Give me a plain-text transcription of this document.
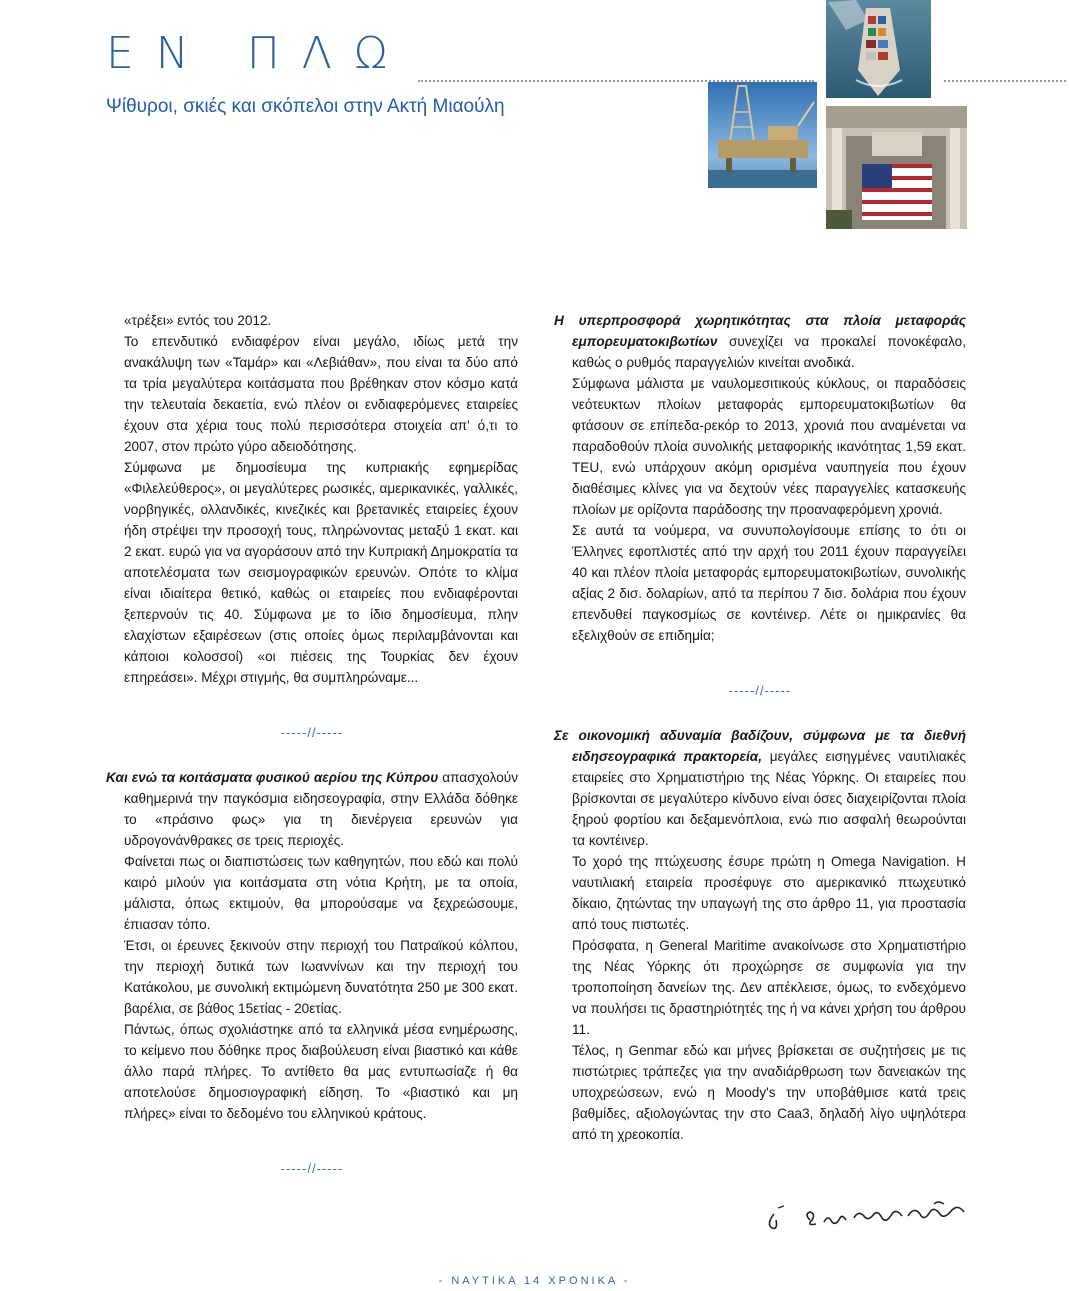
ΕΝ ΠΛΩ
Ψίθυροι, σκιές και σκόπελοι στην Ακτή Μιαούλη

«τρέξει» εντός του 2012.

Το επενδυτικό ενδιαφέρον είναι μεγάλο, ιδίως μετά την ανακάλυψη των «Ταμάρ» και «Λεβιάθαν», που είναι τα δύο από τα τρία μεγαλύτερα κοιτάσματα που βρέθηκαν στον κόσμο κατά την τελευταία δεκαετία, ενώ πλέον οι ενδιαφερόμενες εταιρείες έχουν στα χέρια τους πολύ περισσότερα στοιχεία απ' ό,τι το 2007, στον πρώτο γύρο αδειοδότησης.

Σύμφωνα με δημοσίευμα της κυπριακής εφημερίδας «Φιλελεύθερος», οι μεγαλύτερες ρωσικές, αμερικανικές, γαλλικές, νορβηγικές, ολλανδικές, κινεζικές και βρετανικές εταιρείες έχουν ήδη στρέψει την προσοχή τους, πληρώνοντας μεταξύ 1 εκατ. και 2 εκατ. ευρώ για να αγοράσουν από την Κυπριακή Δημοκρατία τα αποτελέσματα των σεισμογραφικών ερευνών. Οπότε το κλίμα είναι ιδιαίτερα θετικό, καθώς οι εταιρείες που ενδιαφέρονται ξεπερνούν τις 40. Σύμφωνα με το ίδιο δημοσίευμα, πλην ελαχίστων εξαιρέσεων (στις οποίες όμως περιλαμβάνονται και κάποιοι κολοσσοί) «οι πιέσεις της Τουρκίας δεν έχουν επηρεάσει». Μέχρι στιγμής, θα συμπληρώναμε...

-----//-----

Και ενώ τα κοιτάσματα φυσικού αερίου της Κύπρου απασχολούν καθημερινά την παγκόσμια ειδησεογραφία, στην Ελλάδα δόθηκε το «πράσινο φως» για τη διενέργεια ερευνών για υδρογονάνθρακες σε τρεις περιοχές.

Φαίνεται πως οι διαπιστώσεις των καθηγητών, που εδώ και πολύ καιρό μιλούν για κοιτάσματα στη νότια Κρήτη, με τα οποία, μάλιστα, όπως εκτιμούν, θα μπορούσαμε να ξεχρεώσουμε, έπιασαν τόπο.

Έτσι, οι έρευνες ξεκινούν στην περιοχή του Πατραϊκού κόλπου, την περιοχή δυτικά των Ιωαννίνων και την περιοχή του Κατάκολου, με συνολική εκτιμώμενη δυνατότητα 250 με 300 εκατ. βαρέλια, σε βάθος 15ετίας - 20ετίας.

Πάντως, όπως σχολιάστηκε από τα ελληνικά μέσα ενημέρωσης, το κείμενο που δόθηκε προς διαβούλευση είναι βιαστικό και κάθε άλλο παρά πλήρες. Το αντίθετο θα μας εντυπωσίαζε ή θα αποτελούσε δημοσιογραφική είδηση. Το «βιαστικό και μη πλήρες» είναι το δεδομένο του ελληνικού κράτους.

-----//-----

Η υπερπροσφορά χωρητικότητας στα πλοία μεταφοράς εμπορευματοκιβωτίων συνεχίζει να προκαλεί πονοκέφαλο, καθώς ο ρυθμός παραγγελιών κινείται ανοδικά.

Σύμφωνα μάλιστα με ναυλομεσιτικούς κύκλους, οι παραδόσεις νεότευκτων πλοίων μεταφοράς εμπορευματοκιβωτίων θα φτάσουν σε επίπεδα-ρεκόρ το 2013, χρονιά που αναμένεται να παραδοθούν πλοία συνολικής μεταφορικής ικανότητας 1,59 εκατ. TEU, ενώ υπάρχουν ακόμη ορισμένα ναυπηγεία που έχουν διαθέσιμες κλίνες για να δεχτούν νέες παραγγελίες κατασκευής πλοίων με ορίζοντα παράδοσης την προαναφερόμενη χρονιά.

Σε αυτά τα νούμερα, να συνυπολογίσουμε επίσης το ότι οι Έλληνες εφοπλιστές από την αρχή του 2011 έχουν παραγγείλει 40 και πλέον πλοία μεταφοράς εμπορευματοκιβωτίων, συνολικής αξίας 2 δισ. δολαρίων, από τα περίπου 7 δισ. δολάρια που έχουν επενδυθεί παγκοσμίως σε κοντέινερ. Λέτε οι ημικρανίες θα εξελιχθούν σε επιδημία;

-----//-----

Σε οικονομική αδυναμία βαδίζουν, σύμφωνα με τα διεθνή ειδησεογραφικά πρακτορεία, μεγάλες εισηγμένες ναυτιλιακές εταιρείες στο Χρηματιστήριο της Νέας Υόρκης. Οι εταιρείες που βρίσκονται σε μεγαλύτερο κίνδυνο είναι όσες διαχειρίζονται πλοία ξηρού φορτίου και δεξαμενόπλοια, ενώ πιο ασφαλή θεωρούνται τα κοντέινερ.

Το χορό της πτώχευσης έσυρε πρώτη η Omega Navigation. Η ναυτιλιακή εταιρεία προσέφυγε στο αμερικανικό πτωχευτικό δίκαιο, ζητώντας την υπαγωγή της στο άρθρο 11, για προστασία από τους πιστωτές.

Πρόσφατα, η General Maritime ανακοίνωσε στο Χρηματιστήριο της Νέας Υόρκης ότι προχώρησε σε συμφωνία για την τροποποίηση δανείων της. Δεν απέκλεισε, όμως, το ενδεχόμενο να πουλήσει τις δραστηριότητές της ή να κάνει χρήση του άρθρου 11.

Τέλος, η Genmar εδώ και μήνες βρίσκεται σε συζητήσεις με τις πιστώτριες τράπεζες για την αναδιάρθρωση των δανειακών της υποχρεώσεων, ενώ η Moody's την υποβάθμισε κατά τρεις βαθμίδες, αξιολογώντας την στο Caa3, δηλαδή λίγο υψηλότερα από τη χρεοκοπία.

- ΝΑΥΤΙΚΑ 14 ΧΡΟΝΙΚΑ -
